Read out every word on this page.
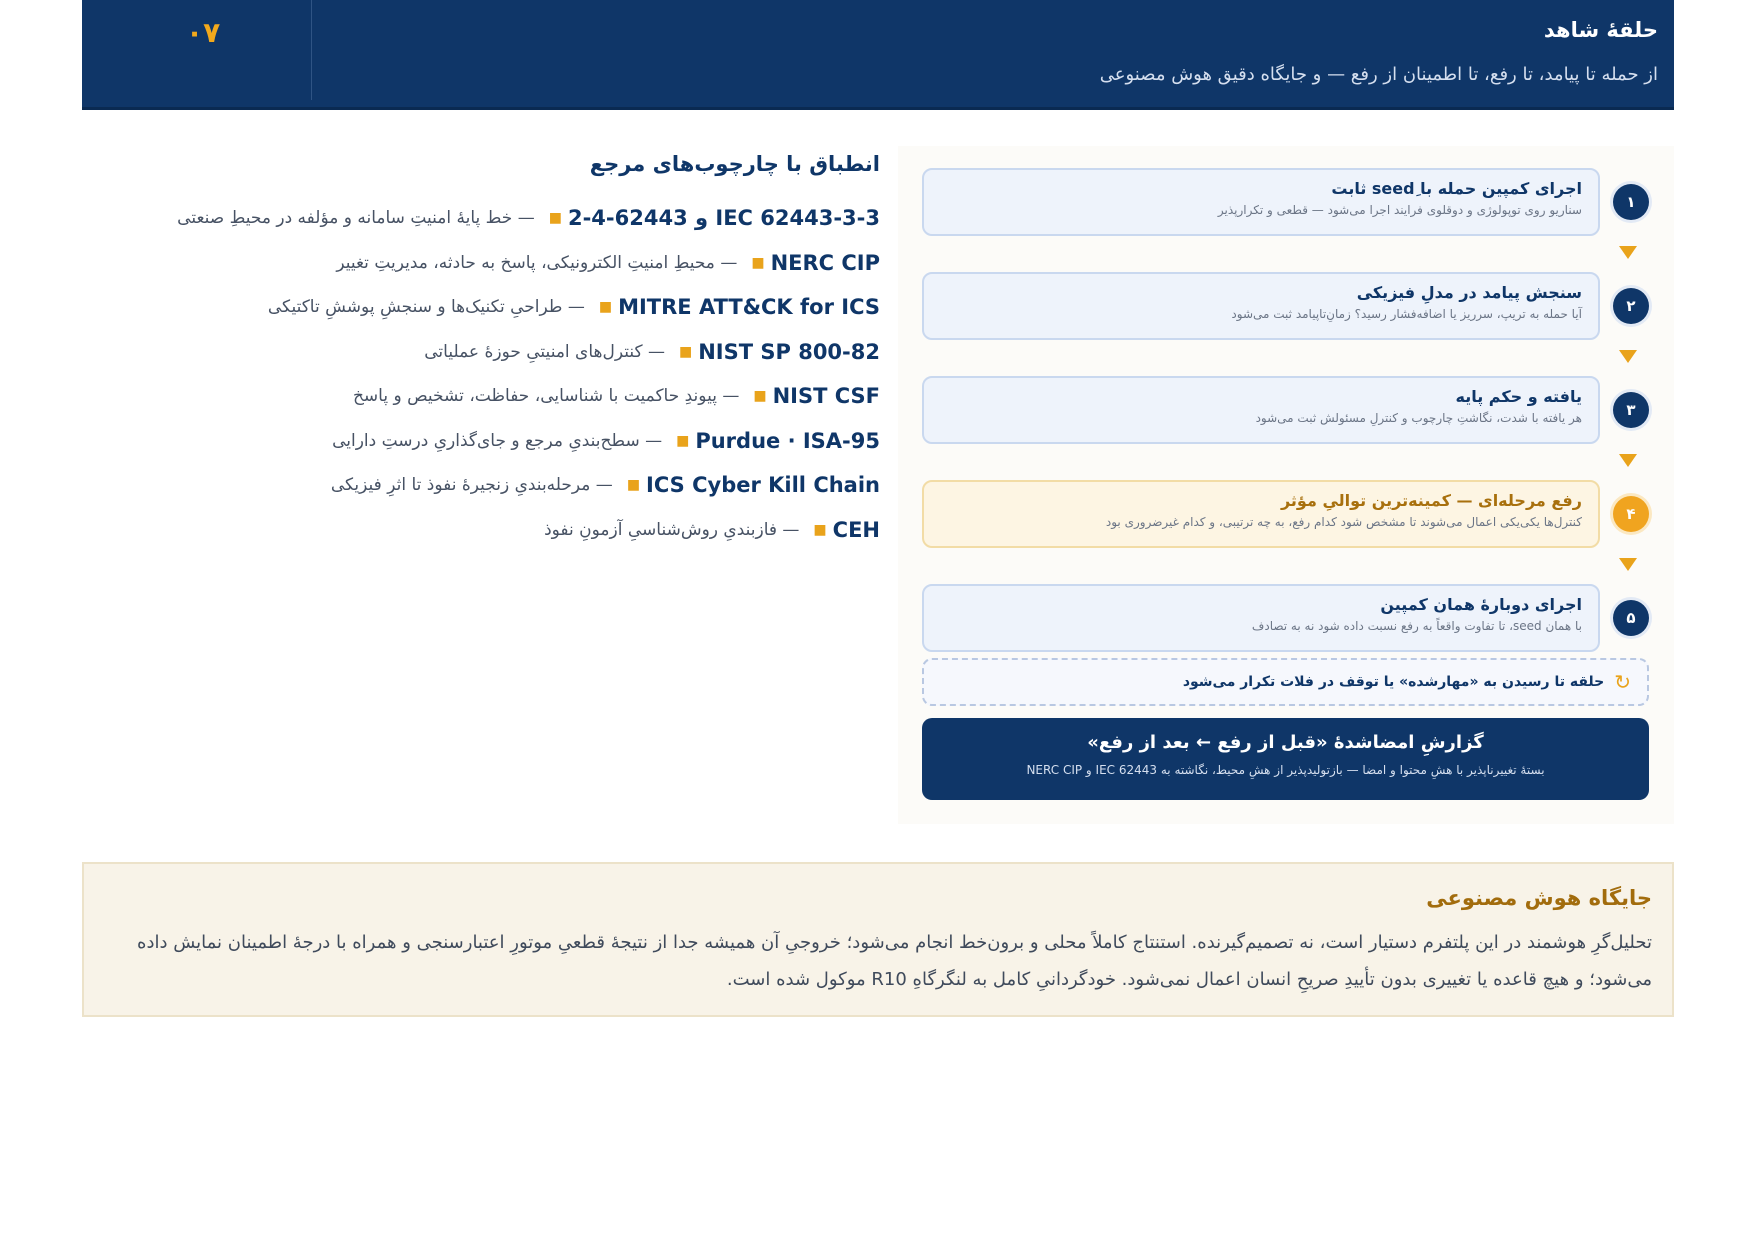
۰۷	حلقهٔ شاهد
از حمله تا پیامد، تا رفع، تا اطمینان از رفع — و جایگاه دقیق هوش مصنوعی
اجرای کمپین حمله با seedِ ثابت
سناریو روی توپولوژی و دوقلوی فرایند اجرا می‌شود — قطعی و تکرارپذیر	۱
سنجش پیامد در مدلِ فیزیکی
آیا حمله به تریپ، سرریز یا اضافه‌فشار رسید؟ زمانِ‌تاپیامد ثبت می‌شود	۲
یافته و حکم پایه
هر یافته با شدت، نگاشتِ چارچوب و کنترلِ مسئولش ثبت می‌شود	۳
رفع مرحله‌ای — کمینه‌ترین توالیِ مؤثر
کنترل‌ها یکی‌یکی اعمال می‌شوند تا مشخص شود کدام رفع، به چه ترتیبی، و کدام غیرضروری بود	۴
اجرای دوبارهٔ همان کمپین
با همان seed، تا تفاوت واقعاً به رفع نسبت داده شود نه به تصادف	۵
↻
حلقه تا رسیدن به «مهارشده» یا توقف در فلات تکرار می‌شود
گزارشِ امضاشدهٔ «قبل از رفع ← بعد از رفع»
بستهٔ تغییرناپذیر با هشِ محتوا و امضا — بازتولیدپذیر از هشِ محیط، نگاشته به IEC 62443 و NERC CIP
انطباق با چارچوب‌های مرجع
IEC 62443-3-3 و 62443-4-2
■
— خط پایهٔ امنیتِ سامانه و مؤلفه در محیطِ صنعتی
NERC CIP
■
— محیطِ امنیتِ الکترونیکی، پاسخ به حادثه، مدیریتِ تغییر
MITRE ATT&CK for ICS
■
— طراحیِ تکنیک‌ها و سنجشِ پوششِ تاکتیکی
NIST SP 800-82
■
— کنترل‌های امنیتیِ حوزهٔ عملیاتی
NIST CSF
■
— پیوندِ حاکمیت با شناسایی، حفاظت، تشخیص و پاسخ
Purdue · ISA-95
■
— سطح‌بندیِ مرجع و جای‌گذاریِ درستِ دارایی
ICS Cyber Kill Chain
■
— مرحله‌بندیِ زنجیرهٔ نفوذ تا اثرِ فیزیکی
CEH
■
— فازبندیِ روش‌شناسیِ آزمونِ نفوذ
جایگاه هوش مصنوعی
تحلیل‌گرِ هوشمند در این پلتفرم دستیار است، نه تصمیم‌گیرنده. استنتاج کاملاً محلی و برون‌خط انجام می‌شود؛ خروجیِ آن همیشه جدا از نتیجهٔ قطعیِ موتورِ اعتبارسنجی و همراه با درجهٔ اطمینان نمایش داده می‌شود؛ و هیچ قاعده یا تغییری بدون تأییدِ صریحِ انسان اعمال نمی‌شود. خودگردانیِ کامل به لنگرگاهِ R10 موکول شده است.
